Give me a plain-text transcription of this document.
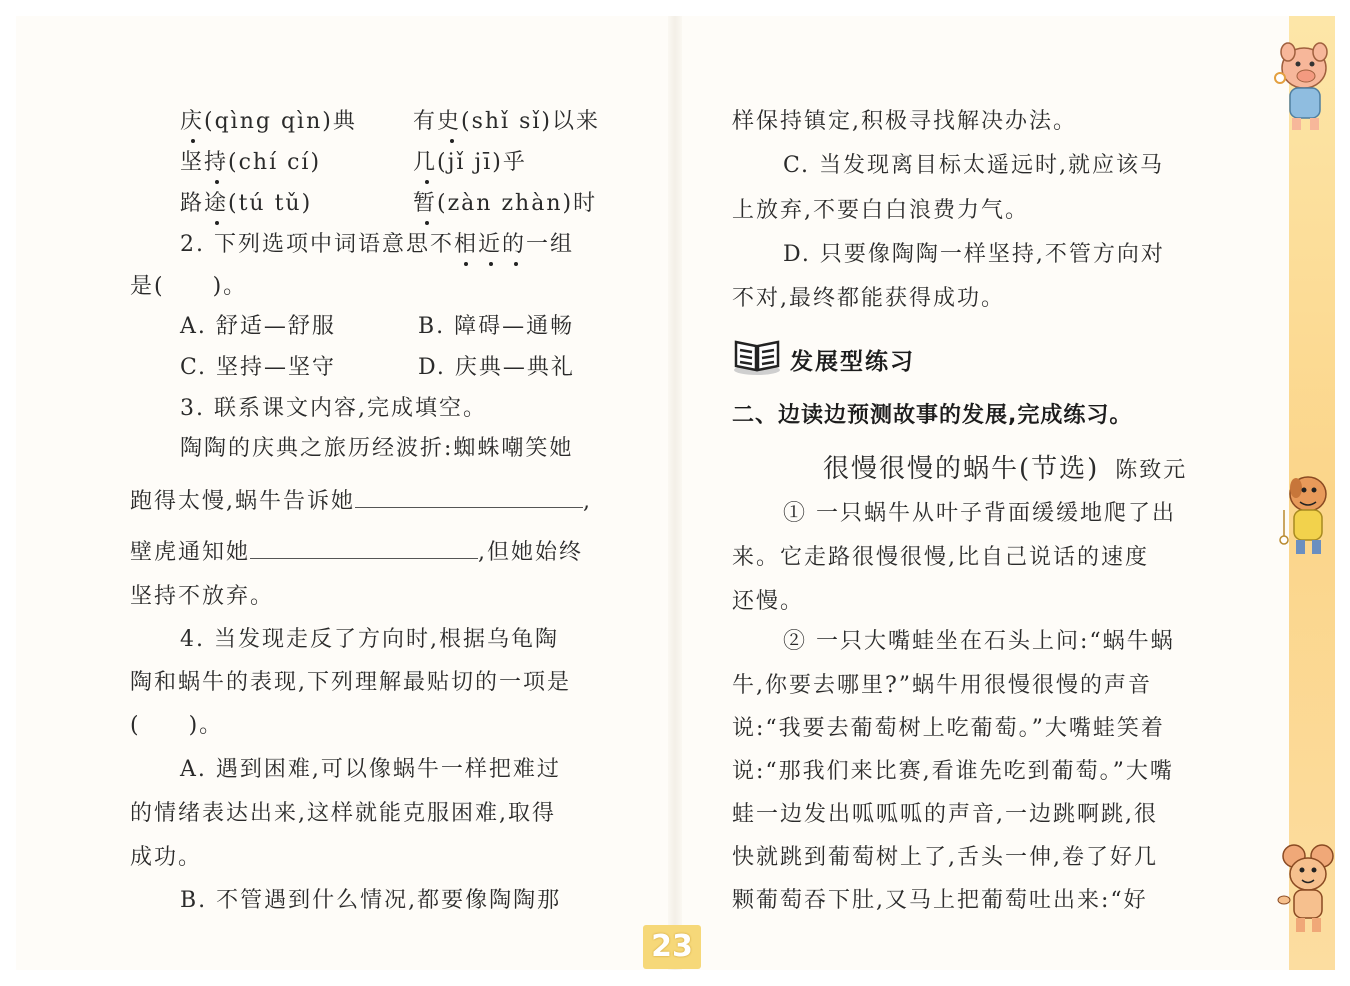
庆(qìng qìn)典	有史(shǐ sǐ)以来
坚持(chí cí)	几(jǐ jī)乎
路途(tú tǔ)	暂(zàn zhàn)时
2. 下列选项中词语意思不相近的一组
是(　　)。
A. 舒适—舒服	B. 障碍—通畅
C. 坚持—坚守	D. 庆典—典礼
3. 联系课文内容,完成填空。
陶陶的庆典之旅历经波折:蜘蛛嘲笑她
跑得太慢,蜗牛告诉她	,
壁虎通知她	,但她始终
坚持不放弃。
4. 当发现走反了方向时,根据乌龟陶
陶和蜗牛的表现,下列理解最贴切的一项是
(　　)。
A. 遇到困难,可以像蜗牛一样把难过
的情绪表达出来,这样就能克服困难,取得
成功。
B. 不管遇到什么情况,都要像陶陶那
样保持镇定,积极寻找解决办法。
C. 当发现离目标太遥远时,就应该马
上放弃,不要白白浪费力气。
D. 只要像陶陶一样坚持,不管方向对
不对,最终都能获得成功。
发展型练习
二、边读边预测故事的发展,完成练习。
很慢很慢的蜗牛(节选) 陈致元
① 一只蜗牛从叶子背面缓缓地爬了出
来。它走路很慢很慢,比自己说话的速度
还慢。
② 一只大嘴蛙坐在石头上问:“蜗牛蜗
牛,你要去哪里?”蜗牛用很慢很慢的声音
说:“我要去葡萄树上吃葡萄。”大嘴蛙笑着
说:“那我们来比赛,看谁先吃到葡萄。”大嘴
蛙一边发出呱呱呱的声音,一边跳啊跳,很
快就跳到葡萄树上了,舌头一伸,卷了好几
颗葡萄吞下肚,又马上把葡萄吐出来:“好
23
